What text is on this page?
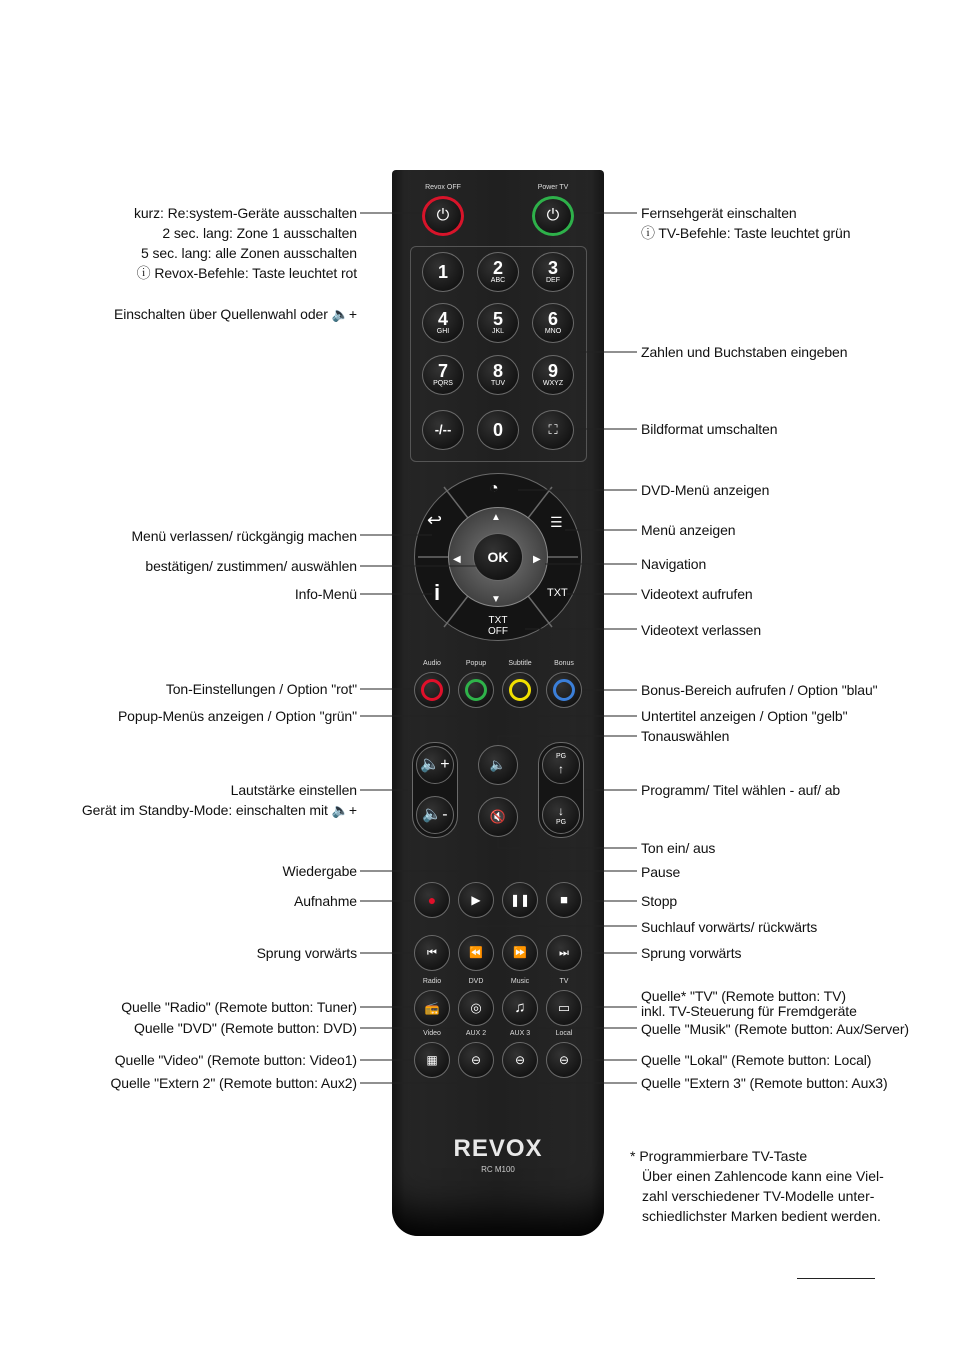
Revox OFF	Power TV
⏻	⏻
⛶
OK
▲
▼
◀	▶
◔
☰
↩
i	TXT
TXT
OFF
🔈+
🔈-
🔈
🔇
PG
↑
↓
PG
●	▶ ❚❚ ■
⏮	⏪	⏩	⏭
📻 ◎ ♫ ▭
▦	⊖	⊖	⊖
REVOX
RC M100
kurz: Re:system-Geräte ausschalten
2 sec. lang: Zone 1 ausschalten
5 sec. lang: alle Zonen ausschalten
ⓘ Revox-Befehle: Taste leuchtet rot
Einschalten über Quellenwahl oder 🔈+
Menü verlassen/ rückgängig machen
bestätigen/ zustimmen/ auswählen
Info-Menü
Ton-Einstellungen / Option "rot"
Popup-Menüs anzeigen / Option "grün"
Lautstärke einstellen
Gerät im Standby-Mode: einschalten mit 🔈+
Wiedergabe
Aufnahme
Sprung vorwärts
Quelle "Radio" (Remote button: Tuner)
Quelle "DVD" (Remote button: DVD)
Quelle "Video" (Remote button: Video1)
Quelle "Extern 2" (Remote button: Aux2)
Fernsehgerät einschalten
ⓘ TV-Befehle: Taste leuchtet grün
Zahlen und Buchstaben eingeben
Bildformat umschalten
DVD-Menü anzeigen
Menü anzeigen
Navigation
Videotext aufrufen
Videotext verlassen
Bonus-Bereich aufrufen / Option "blau"
Untertitel anzeigen / Option "gelb"
Tonauswählen
Programm/ Titel wählen - auf/ ab
Ton ein/ aus
Pause
Stopp
Suchlauf vorwärts/ rückwärts
Sprung vorwärts
Quelle* "TV" (Remote button: TV)
inkl. TV-Steuerung für Fremdgeräte
Quelle "Musik" (Remote button: Aux/Server)
Quelle "Lokal" (Remote button: Local)
Quelle "Extern 3" (Remote button: Aux3)
* Programmierbare TV-Taste
Über einen Zahlencode kann eine Viel-
zahl verschiedener TV-Modelle unter-
schiedlichster Marken bedient werden.
1 2
ABC
3
DEF
4
GHI
5
JKL
6
MNO
7
PQRS
8
TUV
9
WXYZ
-/-- 0
Audio	Popup	Subtitle	Bonus
Radio	DVD	Music	TV
Video	AUX 2	AUX 3	Local
